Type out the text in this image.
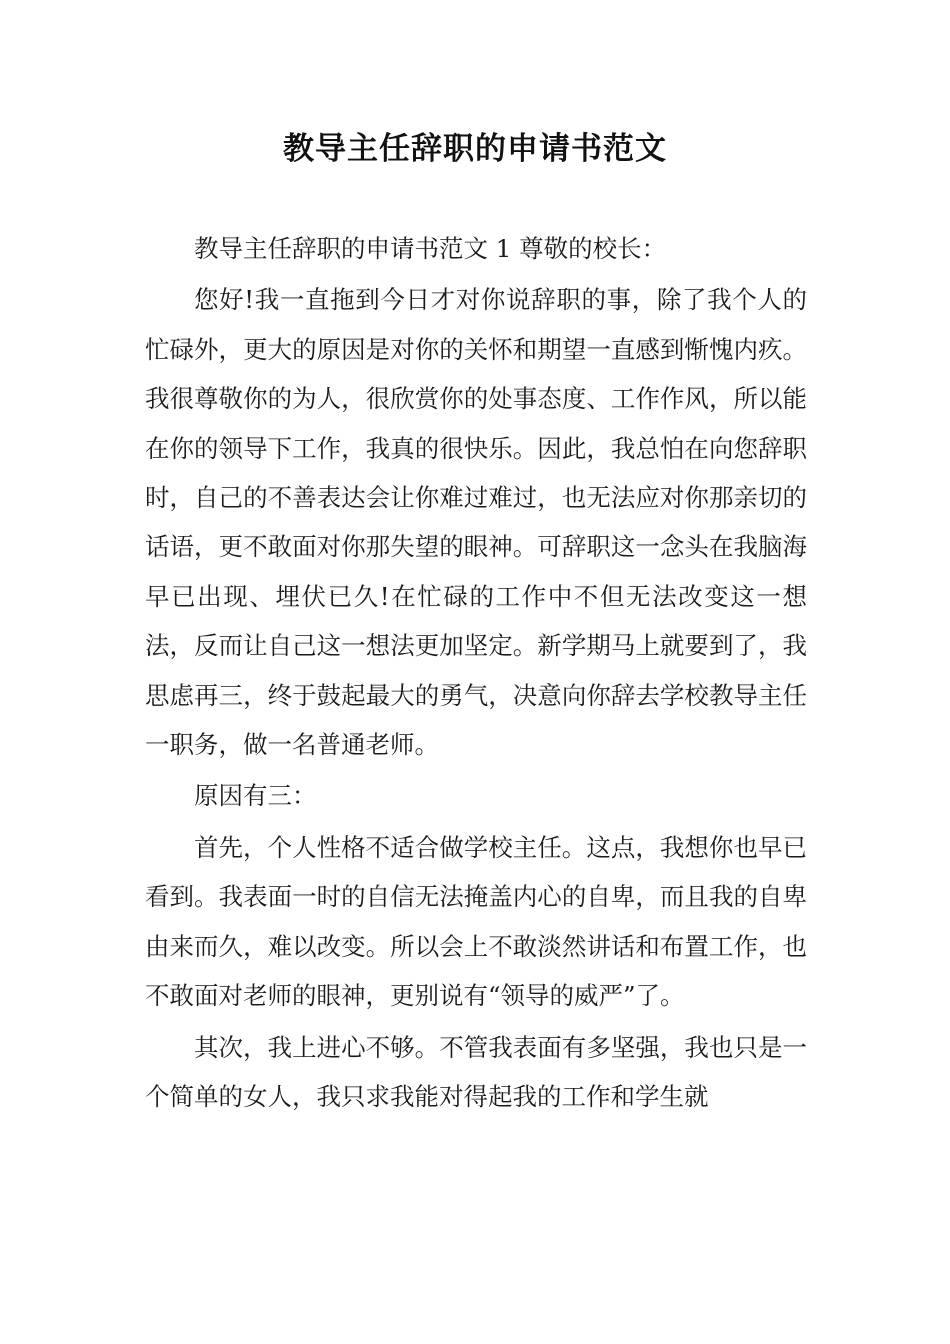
教导主任辞职的申请书范文

教导主任辞职的申请书范文 1 尊敬的校长：

您好!我一直拖到今日才对你说辞职的事，除了我个人的忙碌外，更大的原因是对你的关怀和期望一直感到惭愧内疚。我很尊敬你的为人，很欣赏你的处事态度、工作作风，所以能在你的领导下工作，我真的很快乐。因此，我总怕在向您辞职时，自己的不善表达会让你难过难过，也无法应对你那亲切的话语，更不敢面对你那失望的眼神。可辞职这一念头在我脑海早已出现、埋伏已久!在忙碌的工作中不但无法改变这一想法，反而让自己这一想法更加坚定。新学期马上就要到了，我思虑再三，终于鼓起最大的勇气，决意向你辞去学校教导主任一职务，做一名普通老师。

原因有三：

首先，个人性格不适合做学校主任。这点，我想你也早已看到。我表面一时的自信无法掩盖内心的自卑，而且我的自卑由来而久，难以改变。所以会上不敢淡然讲话和布置工作，也不敢面对老师的眼神，更别说有“领导的威严”了。

其次，我上进心不够。不管我表面有多坚强，我也只是一个简单的女人，我只求我能对得起我的工作和学生就
